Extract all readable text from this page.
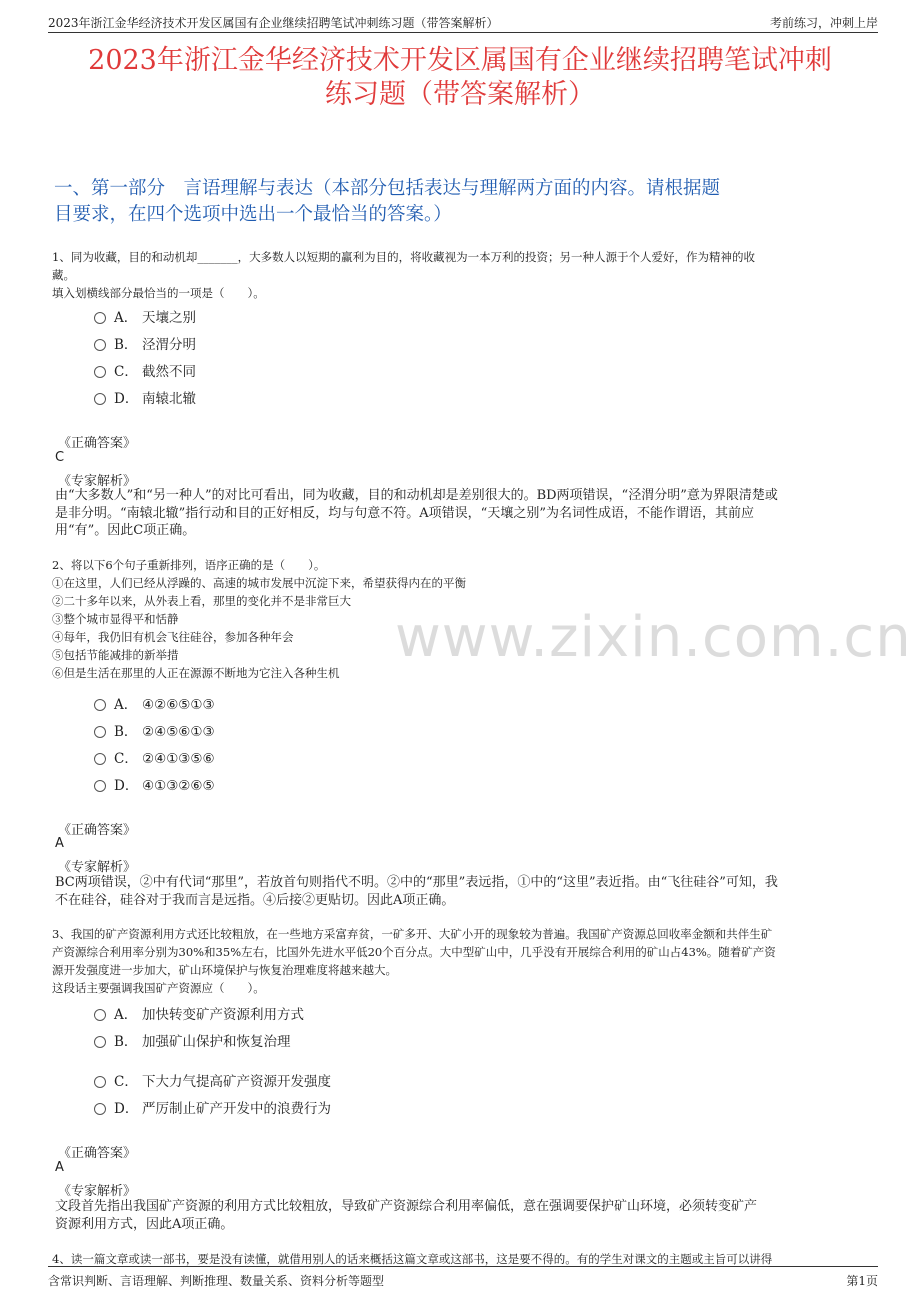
2023年浙江金华经济技术开发区属国有企业继续招聘笔试冲刺练习题（带答案解析）	考前练习，冲刺上岸
2023年浙江金华经济技术开发区属国有企业继续招聘笔试冲刺
练习题（带答案解析）
一、第一部分　言语理解与表达（本部分包括表达与理解两方面的内容。请根据题
目要求，在四个选项中选出一个最恰当的答案。）
www.zixin.com.cn
1、同为收藏，目的和动机却_______，大多数人以短期的赢利为目的，将收藏视为一本万利的投资；另一种人源于个人爱好，作为精神的收
藏。
填入划横线部分最恰当的一项是（　　）。
A． 天壤之别
B． 泾渭分明
C． 截然不同
D． 南辕北辙
《正确答案》
C
《专家解析》
由“大多数人”和“另一种人”的对比可看出，同为收藏，目的和动机却是差别很大的。BD两项错误，“泾渭分明”意为界限清楚或
是非分明。“南辕北辙”指行动和目的正好相反，均与句意不符。A项错误，“天壤之别”为名词性成语，不能作谓语，其前应
用“有”。因此C项正确。
2、将以下6个句子重新排列，语序正确的是（　　）。
①在这里，人们已经从浮躁的、高速的城市发展中沉淀下来，希望获得内在的平衡
②二十多年以来，从外表上看，那里的变化并不是非常巨大
③整个城市显得平和恬静
④每年，我仍旧有机会飞往硅谷，参加各种年会
⑤包括节能减排的新举措
⑥但是生活在那里的人正在源源不断地为它注入各种生机
A． ④②⑥⑤①③
B． ②④⑤⑥①③
C． ②④①③⑤⑥
D． ④①③②⑥⑤
《正确答案》
A
《专家解析》
BC两项错误，②中有代词“那里”，若放首句则指代不明。②中的“那里”表远指，①中的“这里”表近指。由“飞往硅谷”可知，我
不在硅谷，硅谷对于我而言是远指。④后接②更贴切。因此A项正确。
3、我国的矿产资源利用方式还比较粗放，在一些地方采富弃贫，一矿多开、大矿小开的现象较为普遍。我国矿产资源总回收率金额和共伴生矿
产资源综合利用率分别为30%和35%左右，比国外先进水平低20个百分点。大中型矿山中，几乎没有开展综合利用的矿山占43%。随着矿产资
源开发强度进一步加大，矿山环境保护与恢复治理难度将越来越大。
这段话主要强调我国矿产资源应（　　）。
A． 加快转变矿产资源利用方式
B． 加强矿山保护和恢复治理
C． 下大力气提高矿产资源开发强度
D． 严厉制止矿产开发中的浪费行为
《正确答案》
A
《专家解析》
文段首先指出我国矿产资源的利用方式比较粗放，导致矿产资源综合利用率偏低，意在强调要保护矿山环境，必须转变矿产
资源利用方式，因此A项正确。
4、读一篇文章或读一部书，要是没有读懂，就借用别人的话来概括这篇文章或这部书，这是要不得的。有的学生对课文的主题或主旨可以讲得
含常识判断、言语理解、判断推理、数量关系、资料分析等题型	第1页
